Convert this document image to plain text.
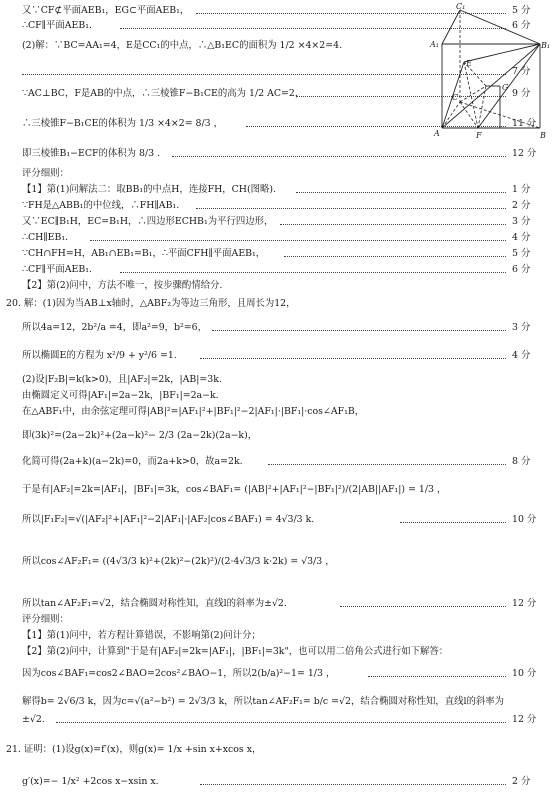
又∵CF⊄平面AEB₁，EG⊂平面AEB₁，	5 分
∴CF∥平面AEB₁.	6 分
(2)解：∵BC=AA₁=4，E是CC₁的中点，∴△B₁EC的面积为 1/2 ×4×2=4.
7 分
∵AC⊥BC，F是AB的中点，∴三棱锥F−B₁CE的高为 1/2 AC=2，	9 分
∴三棱锥F−B₁CE的体积为 1/3 ×4×2= 8/3 ，	11 分
即三棱锥B₁−ECF的体积为 8/3 .	12 分
评分细则：
【1】第(1)问解法二：取BB₁的中点H，连接FH，CH(图略).	1 分
∵FH是△ABB₁的中位线，∴FH∥AB₁.	2 分
又∵EC∥B₁H，EC=B₁H，∴四边形ECHB₁为平行四边形，	3 分
∴CH∥EB₁.	4 分
∵CH∩FH=H，AB₁∩EB₁=B₁，∴平面CFH∥平面AEB₁，	5 分
∴CF∥平面AEB₁.	6 分
【2】第(2)问中，方法不唯一，按步骤酌情给分.
20. 解：(1)因为当AB⊥x轴时，△ABF₂为等边三角形，且周长为12，
所以4a=12，2b²/a =4，即a²=9，b²=6，	3 分
所以椭圆E的方程为 x²/9 + y²/6 =1.	4 分
(2)设|F₂B|=k(k>0)，且|AF₂|=2k，|AB|=3k.
由椭圆定义可得|AF₁|=2a−2k，|BF₁|=2a−k.
在△ABF₁中，由余弦定理可得|AB|²=|AF₁|²+|BF₁|²−2|AF₁|·|BF₁|·cos∠AF₁B，
即(3k)²=(2a−2k)²+(2a−k)²− 2/3 (2a−2k)(2a−k)，
化简可得(2a+k)(a−2k)=0，而2a+k>0，故a=2k.	8 分
于是有|AF₂|=2k=|AF₁|，|BF₁|=3k，cos∠BAF₁= (|AB|²+|AF₁|²−|BF₁|²)/(2|AB||AF₁|) = 1/3 ，
所以|F₁F₂|=√(|AF₂|²+|AF₁|²−2|AF₁|·|AF₂|cos∠BAF₁) = 4√3/3 k.	10 分
所以cos∠AF₂F₁= ((4√3/3 k)²+(2k)²−(2k)²)/(2·4√3/3 k·2k) = √3/3 ，
所以tan∠AF₂F₁=√2，结合椭圆对称性知，直线l的斜率为±√2.	12 分
评分细则：
【1】第(1)问中，若方程计算错误，不影响第(2)问计分；
【2】第(2)问中，计算到"于是有|AF₂|=2k=|AF₁|，|BF₁|=3k"，也可以用二倍角公式进行如下解答：
因为cos∠BAF₁=cos2∠BAO=2cos²∠BAO−1，所以2(b/a)²−1= 1/3 ，	10 分
解得b= 2√6/3 k，因为c=√(a²−b²) = 2√3/3 k，所以tan∠AF₂F₁= b/c =√2，结合椭圆对称性知，直线l的斜率为
±√2.	12 分
21. 证明：(1)设g(x)=f′(x)，则g(x)= 1/x +sin x+xcos x，
g′(x)=− 1/x² +2cos x−xsin x.	2 分
C₁
A₁	B₁
E
G
C
A	F	B
